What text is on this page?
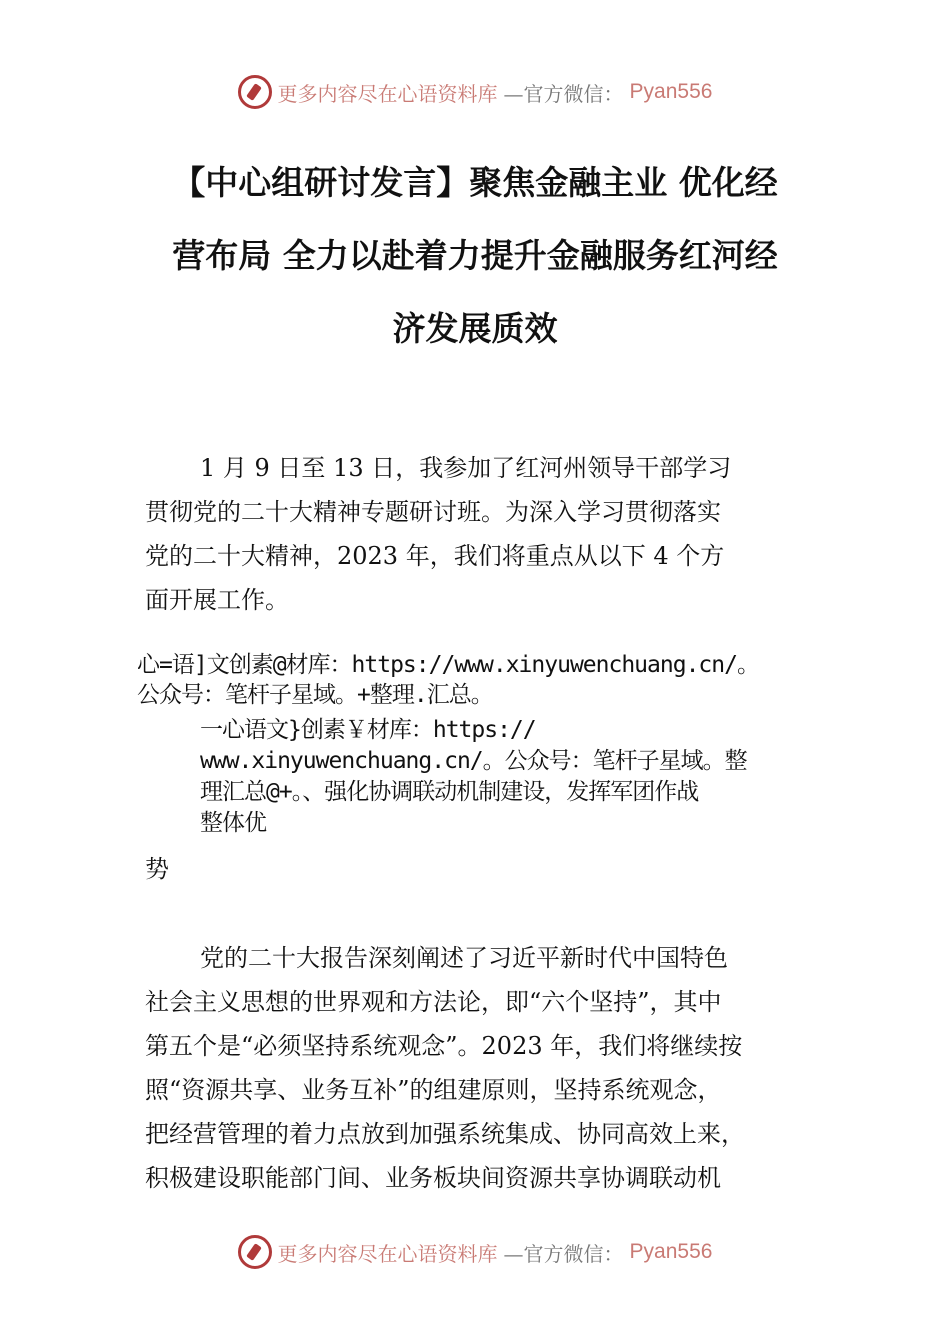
更多内容尽在心语资料库 —官方微信： Pyan556
【中心组研讨发言】聚焦金融主业 优化经
营布局 全力以赴着力提升金融服务红河经
济发展质效
1 月 9 日至 13 日，我参加了红河州领导干部学习
贯彻党的二十大精神专题研讨班。为深入学习贯彻落实
党的二十大精神，2023 年，我们将重点从以下 4 个方
面开展工作。
心=语]文创素@材库：https://www.xinyuwenchuang.cn/。
公众号：笔杆子星域。+整理.汇总。
一心语文}创素￥材库：https://
www.xinyuwenchuang.cn/。公众号：笔杆子星域。整
理汇总@+。、强化协调联动机制建设，发挥军团作战
整体优
势
党的二十大报告深刻阐述了习近平新时代中国特色
社会主义思想的世界观和方法论，即“六个坚持”，其中
第五个是“必须坚持系统观念”。2023 年，我们将继续按
照“资源共享、业务互补”的组建原则，坚持系统观念，
把经营管理的着力点放到加强系统集成、协同高效上来，
积极建设职能部门间、业务板块间资源共享协调联动机
更多内容尽在心语资料库 —官方微信： Pyan556
